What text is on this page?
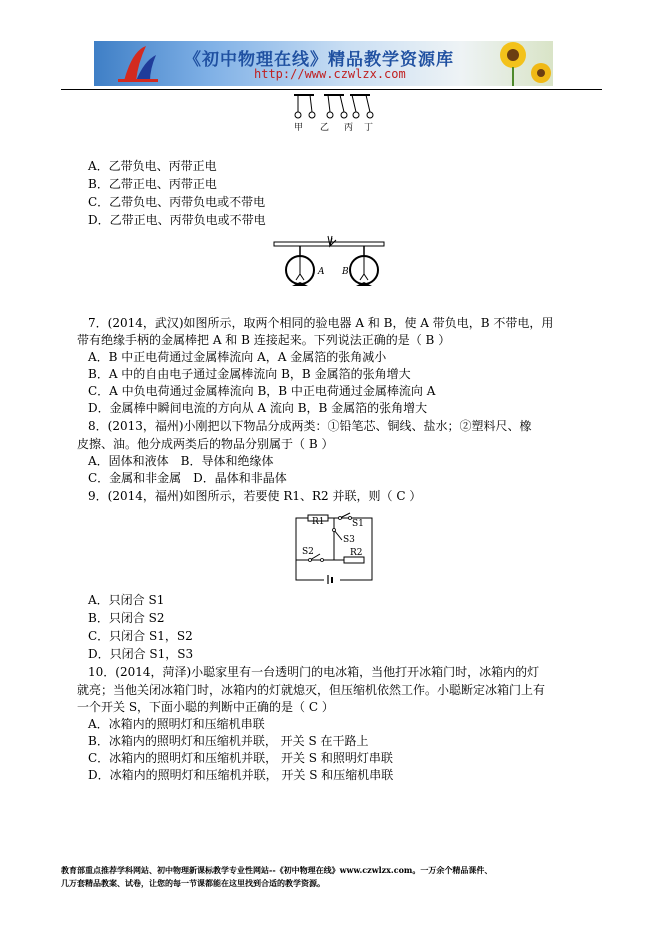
《初中物理在线》精品教学资源库
http://www.czwlzx.com
甲 乙 丙 丁
A．乙带负电、丙带正电
B．乙带正电、丙带正电
C．乙带负电、丙带负电或不带电
D．乙带正电、丙带负电或不带电
A B
7．(2014，武汉)如图所示，取两个相同的验电器 A 和 B，使 A 带负电，B 不带电，用
带有绝缘手柄的金属棒把 A 和 B 连接起来。下列说法正确的是（ B ）
A．B 中正电荷通过金属棒流向 A，A 金属箔的张角减小
B．A 中的自由电子通过金属棒流向 B，B 金属箔的张角增大
C．A 中负电荷通过金属棒流向 B，B 中正电荷通过金属棒流向 A
D．金属棒中瞬间电流的方向从 A 流向 B，B 金属箔的张角增大
8．(2013，福州)小刚把以下物品分成两类：①铅笔芯、铜线、盐水；②塑料尺、橡
皮擦、油。他分成两类后的物品分别属于（ B ）
A．固体和液体　B．导体和绝缘体
C．金属和非金属　D．晶体和非晶体
9．(2014，福州)如图所示，若要使 R1、R2 并联，则（ C ）
R1	S1
S3
S2	R2
A．只闭合 S1
B．只闭合 S2
C．只闭合 S1，S2
D．只闭合 S1，S3
10．(2014，菏泽)小聪家里有一台透明门的电冰箱，当他打开冰箱门时，冰箱内的灯
就亮；当他关闭冰箱门时，冰箱内的灯就熄灭，但压缩机依然工作。小聪断定冰箱门上有
一个开关 S，下面小聪的判断中正确的是（ C ）
A．冰箱内的照明灯和压缩机串联
B．冰箱内的照明灯和压缩机并联， 开关 S 在干路上
C．冰箱内的照明灯和压缩机并联， 开关 S 和照明灯串联
D．冰箱内的照明灯和压缩机并联， 开关 S 和压缩机串联
教育部重点推荐学科网站、初中物理新课标教学专业性网站--《初中物理在线》www.czwlzx.com。一万余个精品课件、
几万套精品教案、试卷，让您的每一节课都能在这里找到合适的教学资源。
